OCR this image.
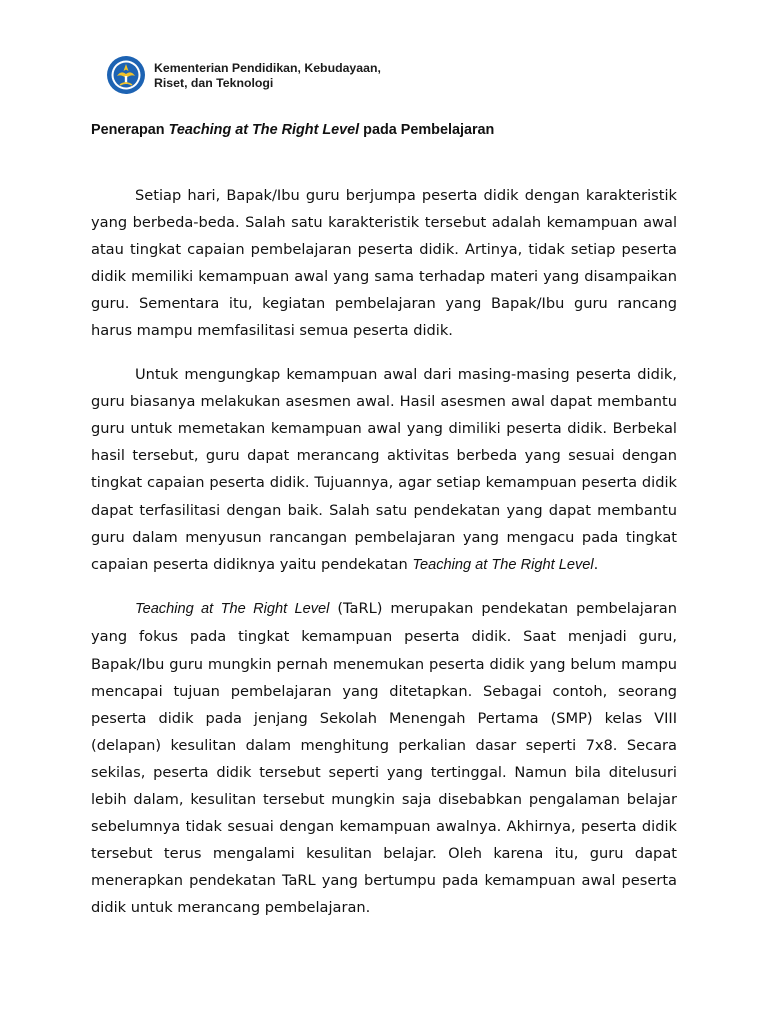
Kementerian Pendidikan, Kebudayaan,
Riset, dan Teknologi
Penerapan Teaching at The Right Level pada Pembelajaran

Setiap hari, Bapak/Ibu guru berjumpa peserta didik dengan karakteristik yang berbeda-beda. Salah satu karakteristik tersebut adalah kemampuan awal atau tingkat capaian pembelajaran peserta didik. Artinya, tidak setiap peserta didik memiliki kemampuan awal yang sama terhadap materi yang disampaikan guru. Sementara itu, kegiatan pembelajaran yang Bapak/Ibu guru rancang harus mampu memfasilitasi semua peserta didik.

Untuk mengungkap kemampuan awal dari masing-masing peserta didik, guru biasanya melakukan asesmen awal. Hasil asesmen awal dapat membantu guru untuk memetakan kemampuan awal yang dimiliki peserta didik. Berbekal hasil tersebut, guru dapat merancang aktivitas berbeda yang sesuai dengan tingkat capaian peserta didik. Tujuannya, agar setiap kemampuan peserta didik dapat terfasilitasi dengan baik. Salah satu pendekatan yang dapat membantu guru dalam menyusun rancangan pembelajaran yang mengacu pada tingkat capaian peserta didiknya yaitu pendekatan Teaching at The Right Level.

Teaching at The Right Level (TaRL) merupakan pendekatan pembelajaran yang fokus pada tingkat kemampuan peserta didik. Saat menjadi guru, Bapak/Ibu guru mungkin pernah menemukan peserta didik yang belum mampu mencapai tujuan pembelajaran yang ditetapkan. Sebagai contoh, seorang peserta didik pada jenjang Sekolah Menengah Pertama (SMP) kelas VIII (delapan) kesulitan dalam menghitung perkalian dasar seperti 7x8. Secara sekilas, peserta didik tersebut seperti yang tertinggal. Namun bila ditelusuri lebih dalam, kesulitan tersebut mungkin saja disebabkan pengalaman belajar sebelumnya tidak sesuai dengan kemampuan awalnya. Akhirnya, peserta didik tersebut terus mengalami kesulitan belajar. Oleh karena itu, guru dapat menerapkan pendekatan TaRL yang bertumpu pada kemampuan awal peserta didik untuk merancang pembelajaran.
